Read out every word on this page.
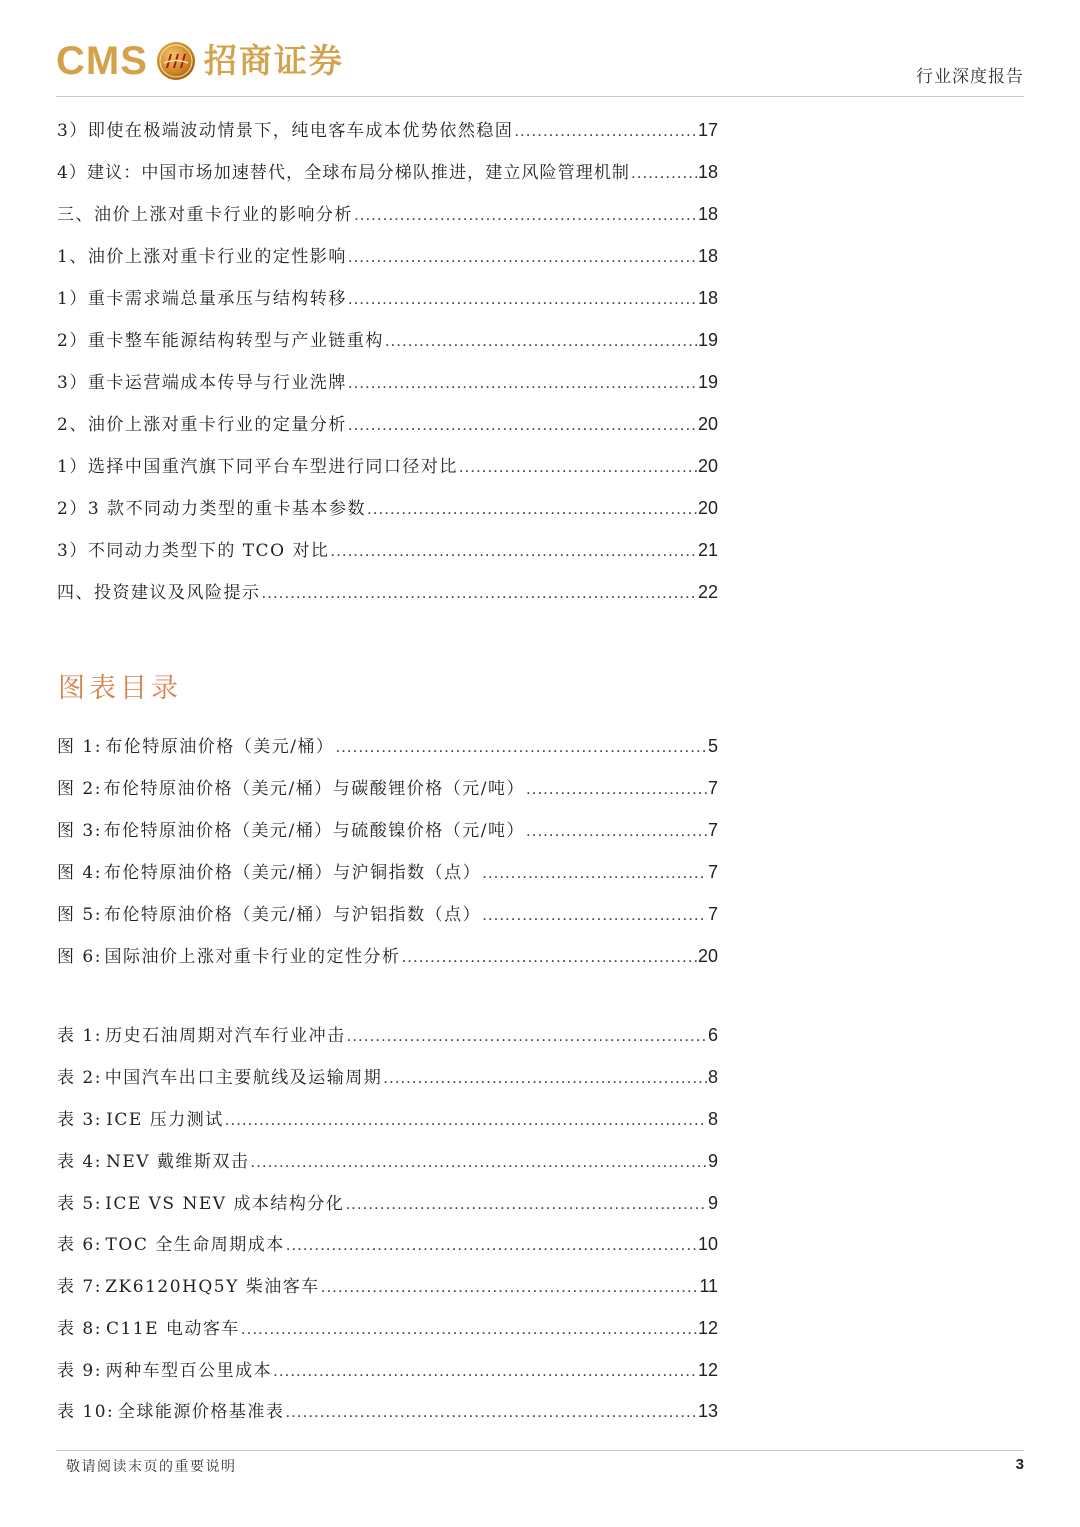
CMS 招商证券	行业深度报告
3）即使在极端波动情景下，纯电客车成本优势依然稳固 .....	17
4）建议：中国市场加速替代，全球布局分梯队推进，建立风险管理机制 .....	18
三、油价上涨对重卡行业的影响分析 .....	18
1、油价上涨对重卡行业的定性影响 .....	18
1）重卡需求端总量承压与结构转移 .....	18
2）重卡整车能源结构转型与产业链重构 .....	19
3）重卡运营端成本传导与行业洗牌 .....	19
2、油价上涨对重卡行业的定量分析 .....	20
1）选择中国重汽旗下同平台车型进行同口径对比 .....	20
2）3 款不同动力类型的重卡基本参数 .....	20
3）不同动力类型下的 TCO 对比 .....	21
四、投资建议及风险提示 .....	22
图表目录
图 1: 布伦特原油价格（美元/桶） .....	5
图 2: 布伦特原油价格（美元/桶）与碳酸锂价格（元/吨） .....	7
图 3: 布伦特原油价格（美元/桶）与硫酸镍价格（元/吨） .....	7
图 4: 布伦特原油价格（美元/桶）与沪铜指数（点） .....	7
图 5: 布伦特原油价格（美元/桶）与沪铝指数（点） .....	7
图 6: 国际油价上涨对重卡行业的定性分析 .....	20
表 1: 历史石油周期对汽车行业冲击 .....	6
表 2: 中国汽车出口主要航线及运输周期 .....	8
表 3: ICE 压力测试 .....	8
表 4: NEV 戴维斯双击 .....	9
表 5: ICE VS NEV 成本结构分化 .....	9
表 6: TOC 全生命周期成本 .....	10
表 7: ZK6120HQ5Y 柴油客车 .....	11
表 8: C11E 电动客车 .....	12
表 9: 两种车型百公里成本 .....	12
表 10: 全球能源价格基准表 .....	13
敬请阅读末页的重要说明	3
